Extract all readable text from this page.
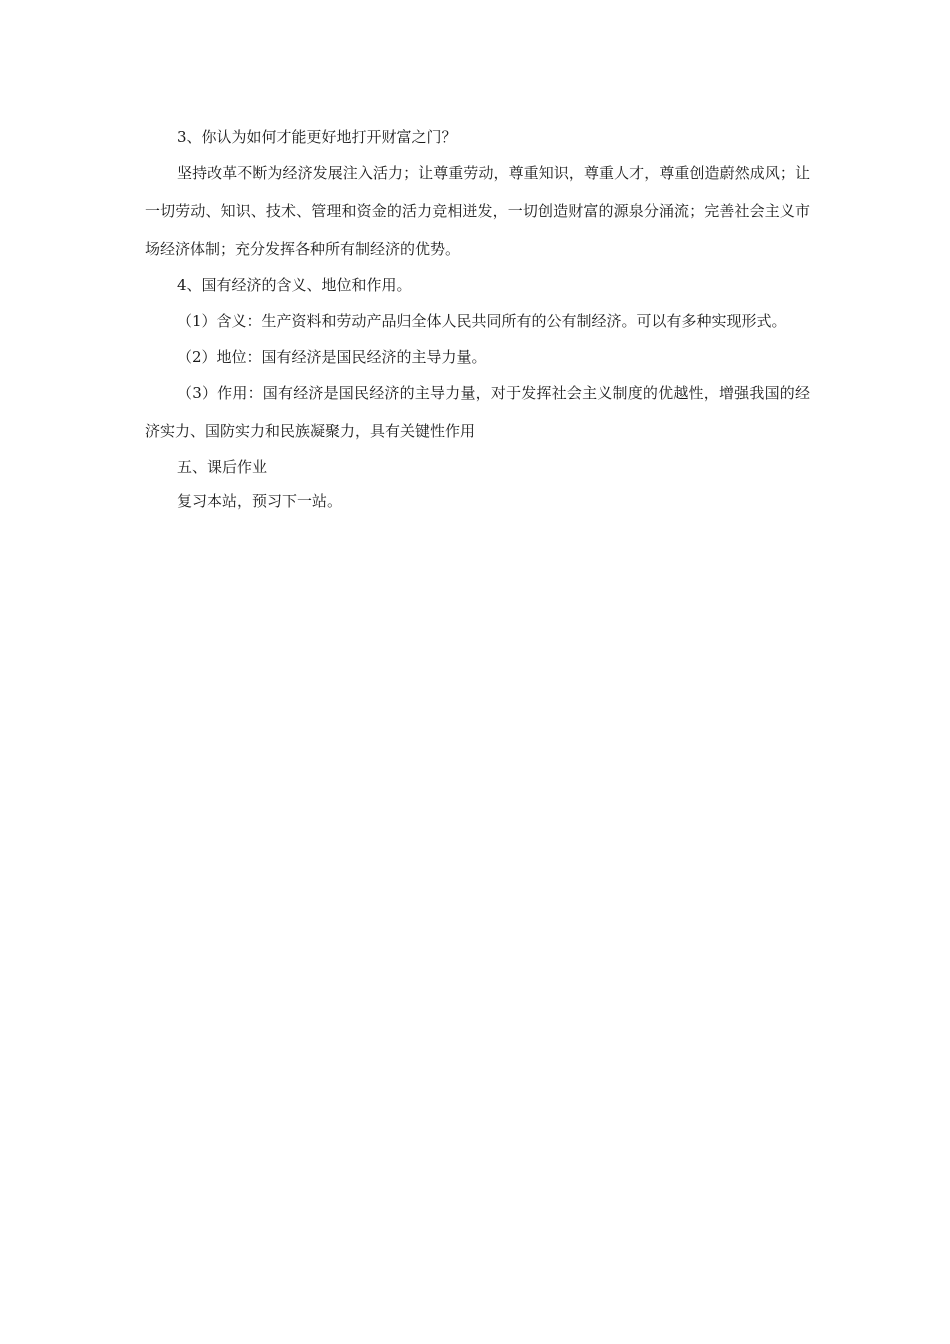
3、你认为如何才能更好地打开财富之门？

坚持改革不断为经济发展注入活力；让尊重劳动，尊重知识，尊重人才，尊重创造蔚然成风；让一切劳动、知识、技术、管理和资金的活力竞相迸发，一切创造财富的源泉分涌流；完善社会主义市场经济体制；充分发挥各种所有制经济的优势。

4、国有经济的含义、地位和作用。

（1）含义：生产资料和劳动产品归全体人民共同所有的公有制经济。可以有多种实现形式。

（2）地位：国有经济是国民经济的主导力量。

（3）作用：国有经济是国民经济的主导力量，对于发挥社会主义制度的优越性，增强我国的经济实力、国防实力和民族凝聚力，具有关键性作用

五、课后作业

复习本站，预习下一站。
